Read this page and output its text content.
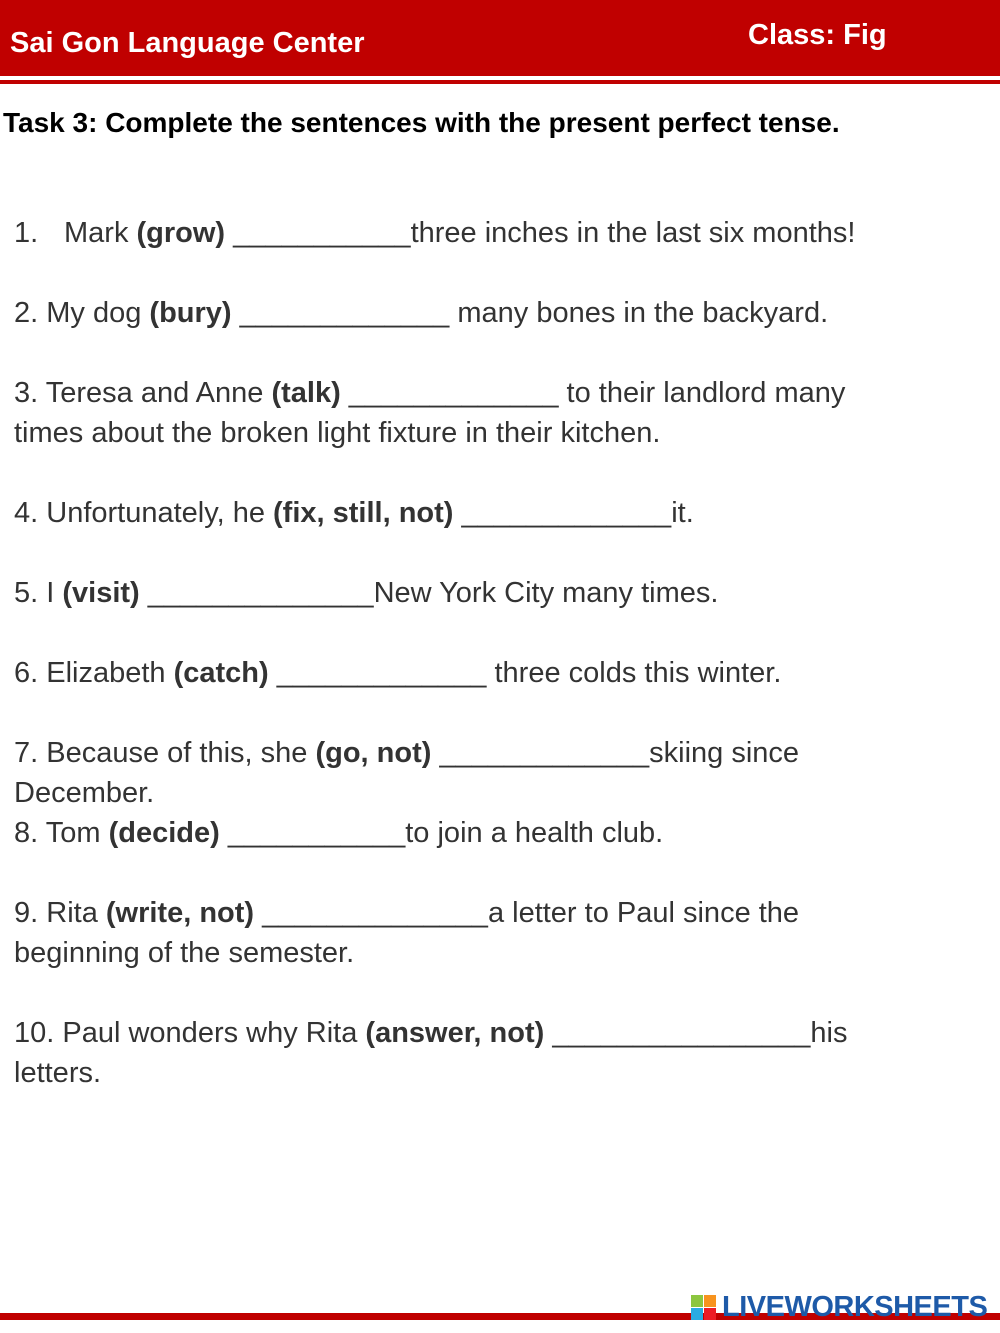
Sai Gon Language Center	Class: Fig
Task 3: Complete the sentences with the present perfect tense.
1. Mark (grow) ___________three inches in the last six months!
2. My dog (bury) _____________ many bones in the backyard.
3. Teresa and Anne (talk) _____________ to their landlord many
times about the broken light fixture in their kitchen.
4. Unfortunately, he (fix, still, not) _____________it.
5. I (visit) ______________New York City many times.
6. Elizabeth (catch) _____________ three colds this winter.
7. Because of this, she (go, not) _____________skiing since
December.
8. Tom (decide) ___________to join a health club.
9. Rita (write, not) ______________a letter to Paul since the
beginning of the semester.
10. Paul wonders why Rita (answer, not) ________________his
letters.
LIVEWORKSHEETS
